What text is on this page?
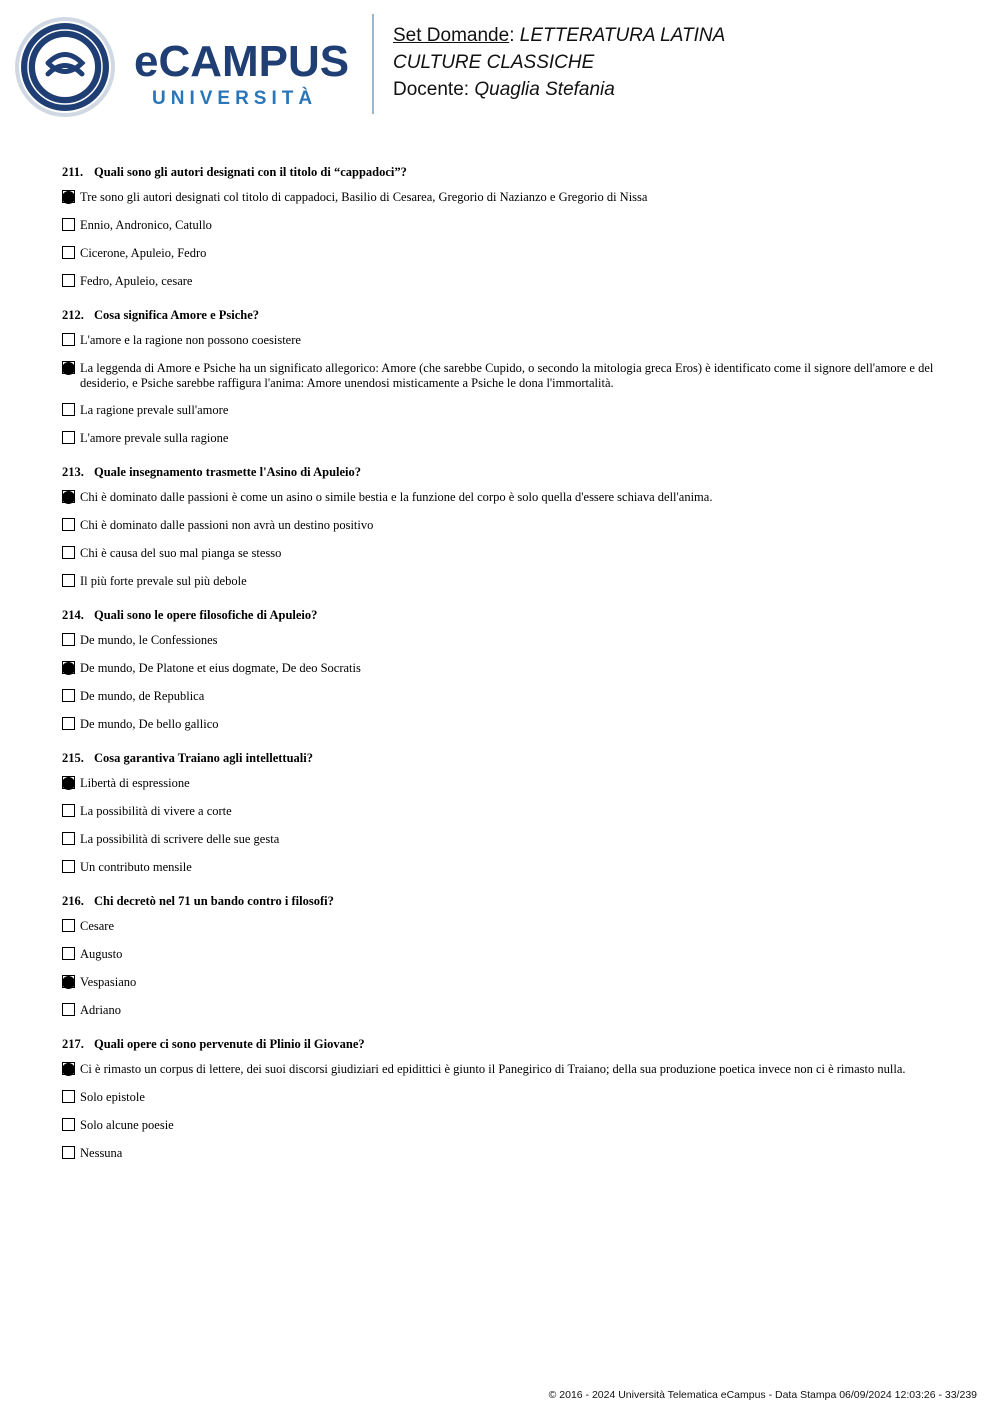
eCAMPUS
UNIVERSITÀ
Set Domande: LETTERATURA LATINA
CULTURE CLASSICHE
Docente: Quaglia Stefania
211. Quali sono gli autori designati con il titolo di “cappadoci”?
Tre sono gli autori designati col titolo di cappadoci, Basilio di Cesarea, Gregorio di Nazianzo e Gregorio di Nissa
Ennio, Andronico, Catullo
Cicerone, Apuleio, Fedro
Fedro, Apuleio, cesare
212. Cosa significa Amore e Psiche?
L'amore e la ragione non possono coesistere
La leggenda di Amore e Psiche ha un significato allegorico: Amore (che sarebbe Cupido, o secondo la mitologia greca Eros) è identificato come il signore dell'amore e del desiderio, e Psiche sarebbe raffigura l'anima: Amore unendosi misticamente a Psiche le dona l'immortalità.
La ragione prevale sull'amore
L'amore prevale sulla ragione
213. Quale insegnamento trasmette l'Asino di Apuleio?
Chi è dominato dalle passioni è come un asino o simile bestia e la funzione del corpo è solo quella d'essere schiava dell'anima.
Chi è dominato dalle passioni non avrà un destino positivo
Chi è causa del suo mal pianga se stesso
Il più forte prevale sul più debole
214. Quali sono le opere filosofiche di Apuleio?
De mundo, le Confessiones
De mundo, De Platone et eius dogmate, De deo Socratis
De mundo, de Republica
De mundo, De bello gallico
215. Cosa garantiva Traiano agli intellettuali?
Libertà di espressione
La possibilità di vivere a corte
La possibilità di scrivere delle sue gesta
Un contributo mensile
216. Chi decretò nel 71 un bando contro i filosofi?
Cesare
Augusto
Vespasiano
Adriano
217. Quali opere ci sono pervenute di Plinio il Giovane?
Ci è rimasto un corpus di lettere, dei suoi discorsi giudiziari ed epidittici è giunto il Panegirico di Traiano; della sua produzione poetica invece non ci è rimasto nulla.
Solo epistole
Solo alcune poesie
Nessuna
© 2016 - 2024 Università Telematica eCampus - Data Stampa 06/09/2024 12:03:26 - 33/239
